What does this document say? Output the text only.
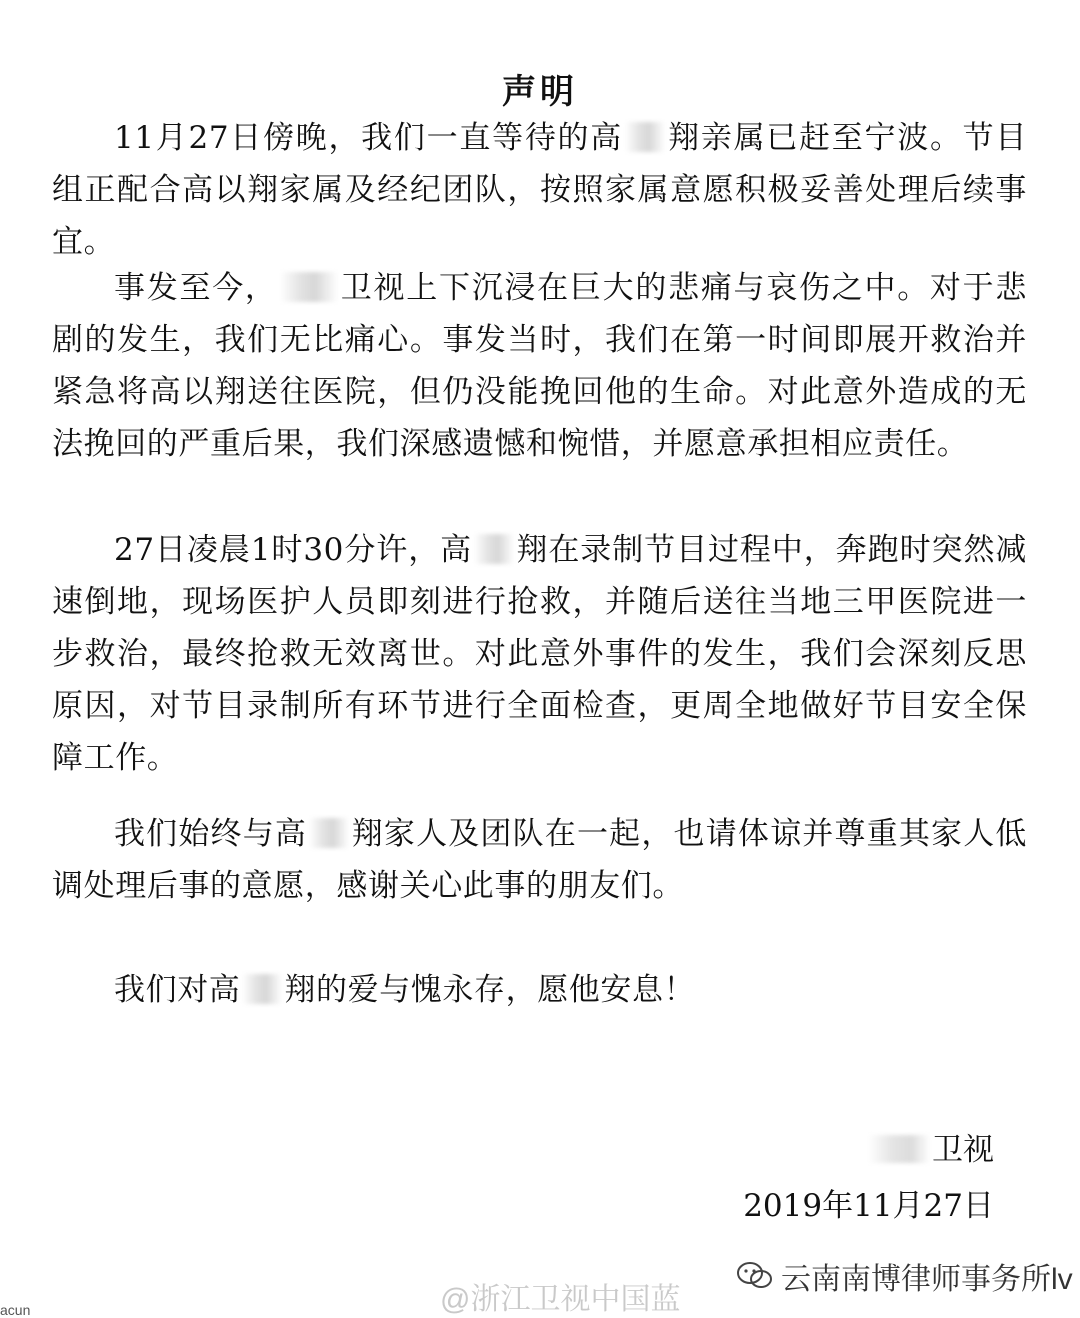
声明

11月27日傍晚，我们一直等待的高 翔亲属已赶至宁波。节目组正配合高以翔家属及经纪团队，按照家属意愿积极妥善处理后续事宜。

事发至今， 卫视上下沉浸在巨大的悲痛与哀伤之中。对于悲剧的发生，我们无比痛心。事发当时，我们在第一时间即展开救治并紧急将高以翔送往医院，但仍没能挽回他的生命。对此意外造成的无法挽回的严重后果，我们深感遗憾和惋惜，并愿意承担相应责任。

27日凌晨1时30分许，高 翔在录制节目过程中，奔跑时突然减速倒地，现场医护人员即刻进行抢救，并随后送往当地三甲医院进一步救治，最终抢救无效离世。对此意外事件的发生，我们会深刻反思原因，对节目录制所有环节进行全面检查，更周全地做好节目安全保障工作。

我们始终与高 翔家人及团队在一起，也请体谅并尊重其家人低调处理后事的意愿，感谢关心此事的朋友们。

我们对高 翔的爱与愧永存，愿他安息！

卫视
2019年11月27日
云南南博律师事务所lv
@浙江卫视中国蓝
acun
